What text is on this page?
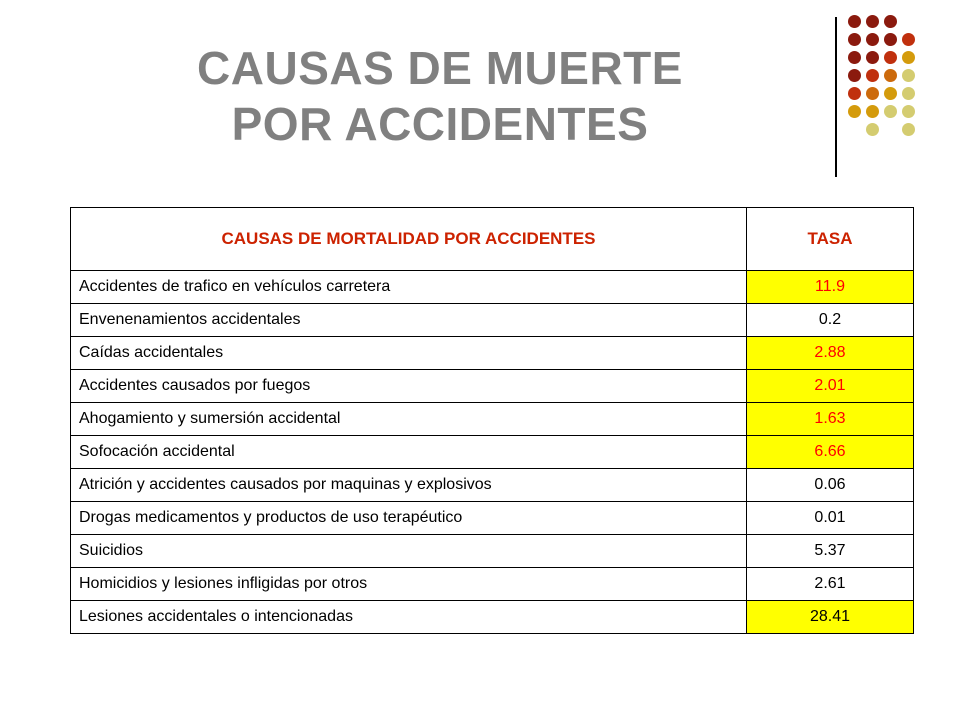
CAUSAS DE MUERTE
POR ACCIDENTES
CAUSAS DE MORTALIDAD POR ACCIDENTES	TASA
Accidentes de trafico en vehículos carretera	11.9
Envenenamientos accidentales	0.2
Caídas accidentales	2.88
Accidentes causados por fuegos	2.01
Ahogamiento y sumersión accidental	1.63
Sofocación accidental	6.66
Atrición y accidentes causados por maquinas y explosivos	0.06
Drogas medicamentos y productos de uso terapéutico	0.01
Suicidios	5.37
Homicidios y lesiones infligidas por otros	2.61
Lesiones accidentales o intencionadas	28.41
